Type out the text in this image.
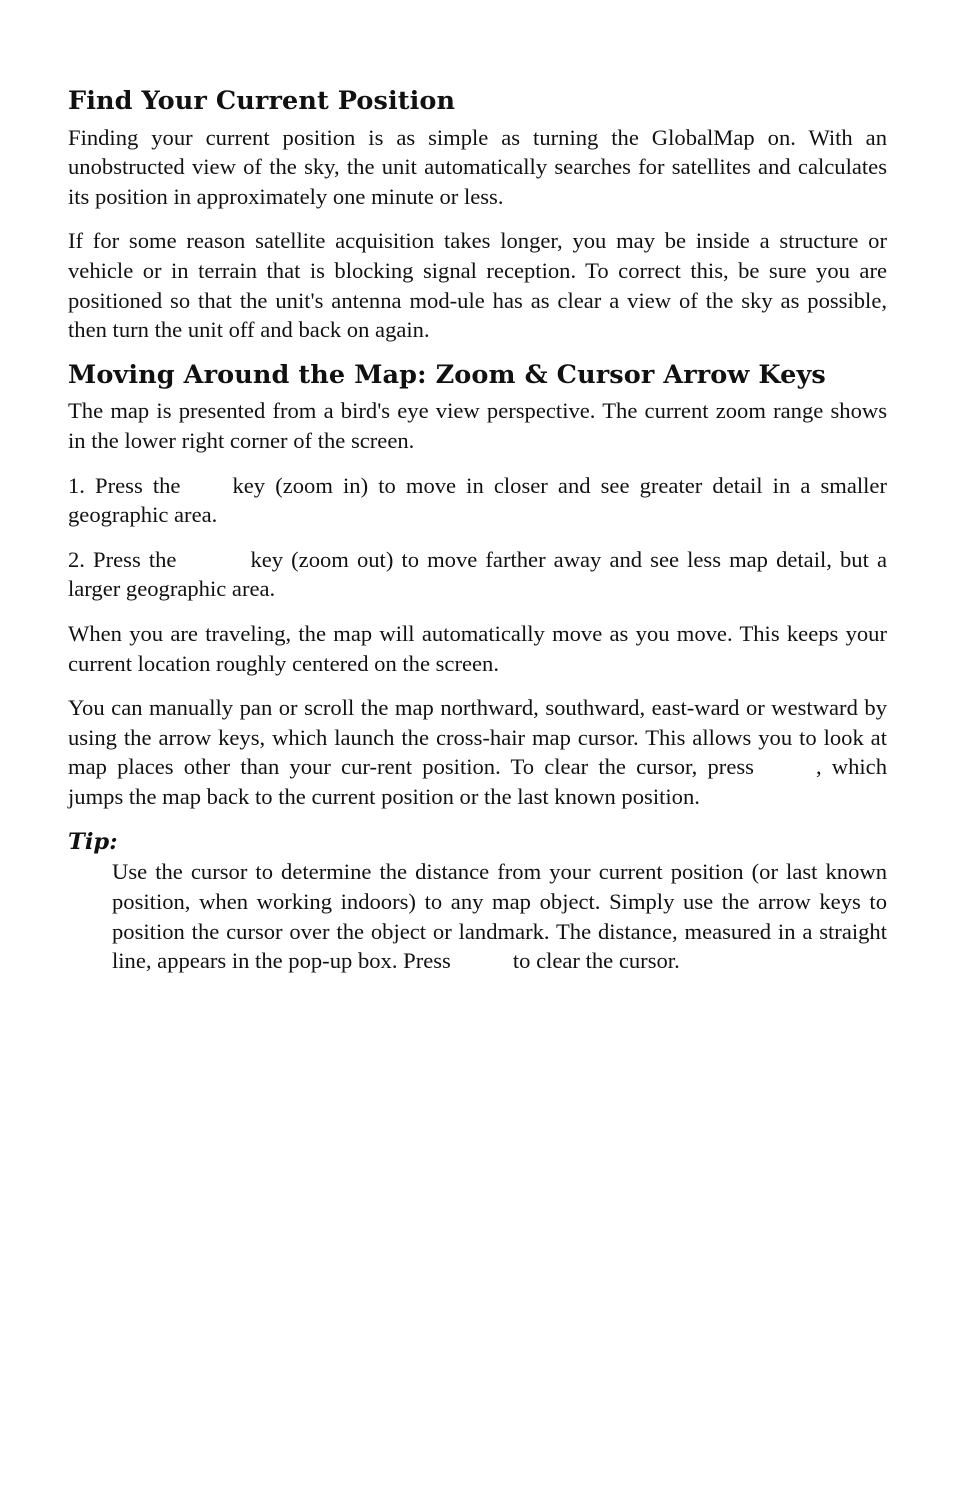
Find Your Current Position

Finding your current position is as simple as turning the GlobalMap on. With an unobstructed view of the sky, the unit automatically searches for satellites and calculates its position in approximately one minute or less.

If for some reason satellite acquisition takes longer, you may be inside a structure or vehicle or in terrain that is blocking signal reception. To correct this, be sure you are positioned so that the unit's antenna mod-ule has as clear a view of the sky as possible, then turn the unit off and back on again.

Moving Around the Map: Zoom & Cursor Arrow Keys

The map is presented from a bird's eye view perspective. The current zoom range shows in the lower right corner of the screen.

1. Press the key (zoom in) to move in closer and see greater detail in a smaller geographic area.

2. Press the	key (zoom out) to move farther away and see less map detail, but a larger geographic area.

When you are traveling, the map will automatically move as you move. This keeps your current location roughly centered on the screen.

You can manually pan or scroll the map northward, southward, east-ward or westward by using the arrow keys, which launch the cross-hair map cursor. This allows you to look at map places other than your cur-rent position. To clear the cursor, press	, which jumps the map back to the current position or the last known position.

Tip:

Use the cursor to determine the distance from your current position (or last known position, when working indoors) to any map object. Simply use the arrow keys to position the cursor over the object or landmark. The distance, measured in a straight line, appears in the pop-up box. Press	to clear the cursor.
